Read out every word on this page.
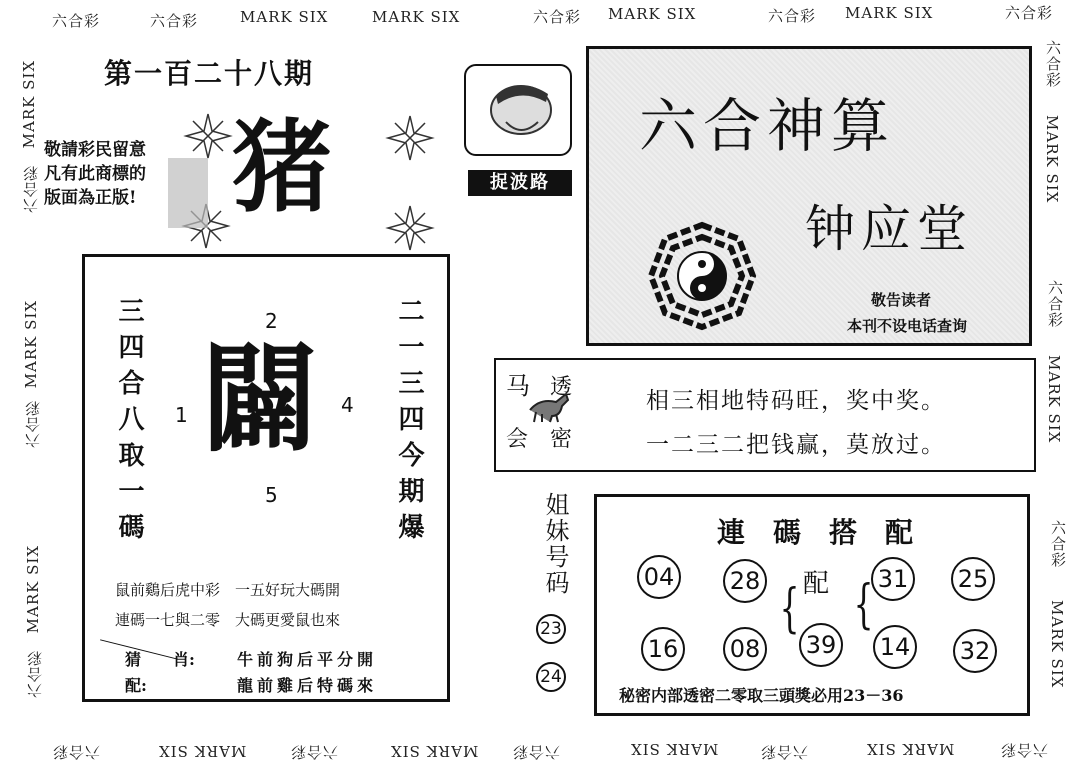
六合彩	六合彩	MARK SIX	MARK SIX	六合彩 MARK SIX	六合彩 MARK SIX	六合彩
MARK SIX
六合彩
MARK SIX
六合彩
MARK SIX
六合彩
六合彩
MARK SIX
六合彩
MARK SIX
六合彩
MARK SIX
六合彩	MARK SIX	六合彩	MARK SIX 六合彩	MARK SIX	六合彩	MARK SIX	六合彩
第一百二十八期
敬請彩民留意
凡有此商標的
版面為正版! 猪	捉波路
六合神算
钟应堂
敬告读者
本刊不设电话查询
三四合八取一碼	二一三四今期爆
2
1	4
5
闢
鼠前鷄后虎中彩　一五好玩大碼開
連碼一七與二零　大碼更愛鼠也來
猜　　肖:	牛前狗后平分開
配:	龍前雞后特碼來
马 透
会 密
相三相地特码旺，奖中奖。
一二三二把钱赢，莫放过。
姐妹号码
23
24
連　碼　搭　配
04 28 配 31 25
{ {
16 08 39 14 32
秘密内部透密二零取三頭獎必用23－36
